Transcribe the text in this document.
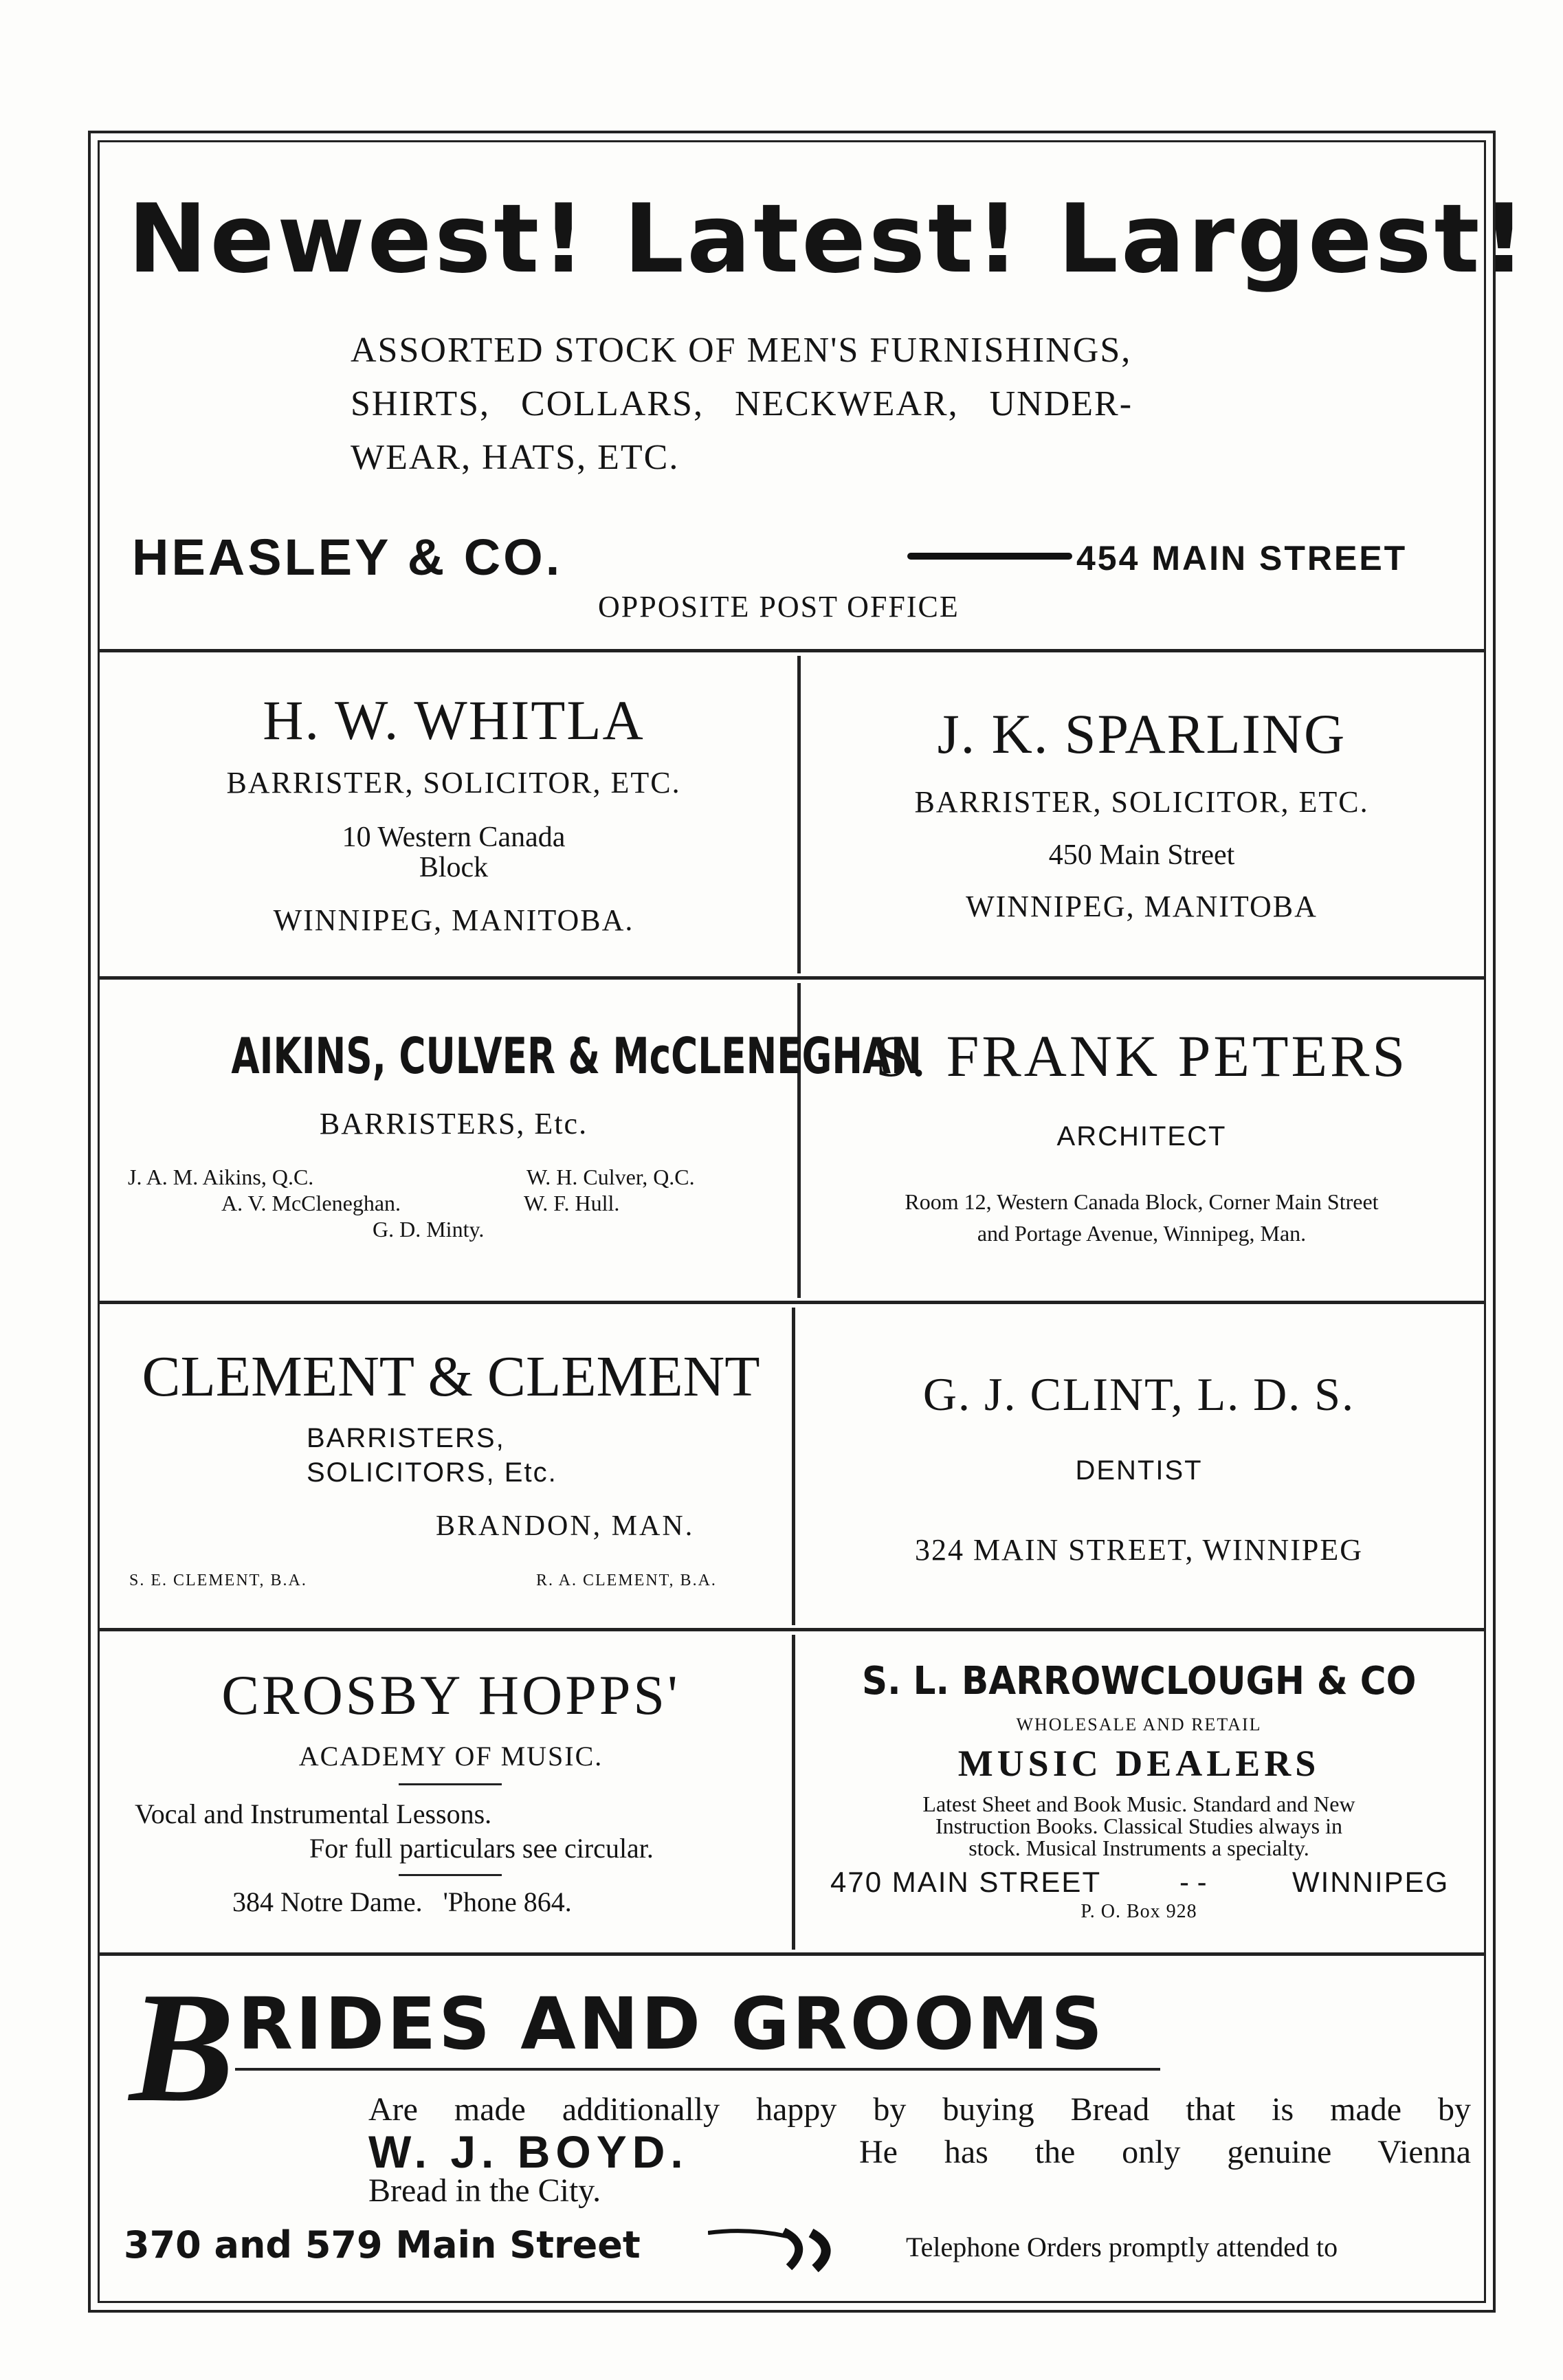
Newest! Latest! Largest!
ASSORTED STOCK OF MEN'S FURNISHINGS,
SHIRTS, COLLARS, NECKWEAR, UNDER-
WEAR, HATS, ETC.
HEASLEY & CO.	454 MAIN STREET
OPPOSITE POST OFFICE
H. W. WHITLA
BARRISTER, SOLICITOR, ETC.
10 Western Canada
Block
WINNIPEG, MANITOBA.
J. K. SPARLING
BARRISTER, SOLICITOR, ETC.
450 Main Street
WINNIPEG, MANITOBA
AIKINS, CULVER & McCLENEGHAN
BARRISTERS, Etc.
J. A. M. Aikins, Q.C.	W. H. Culver, Q.C.
A. V. McCleneghan.	W. F. Hull.
G. D. Minty.
S. FRANK PETERS
ARCHITECT
Room 12, Western Canada Block, Corner Main Street
and Portage Avenue, Winnipeg, Man.
CLEMENT & CLEMENT
BARRISTERS,
SOLICITORS, Etc.
BRANDON, MAN.
S. E. CLEMENT, B.A.	R. A. CLEMENT, B.A.
G. J. CLINT, L. D. S.
DENTIST
324 MAIN STREET, WINNIPEG
CROSBY HOPPS'
ACADEMY OF MUSIC.
Vocal and Instrumental Lessons.
For full particulars see circular.
384 Notre Dame.   'Phone 864.
S. L. BARROWCLOUGH & CO
WHOLESALE AND RETAIL
MUSIC DEALERS
Latest Sheet and Book Music. Standard and New
Instruction Books. Classical Studies always in
stock. Musical Instruments a specialty.
470 MAIN STREET	- -	WINNIPEG
P. O. Box 928
B RIDES AND GROOMS
Are made additionally happy by buying Bread that is made by
W. J. BOYD.	He has the only genuine Vienna
Bread in the City.
370 and 579 Main Street	Telephone Orders promptly attended to
